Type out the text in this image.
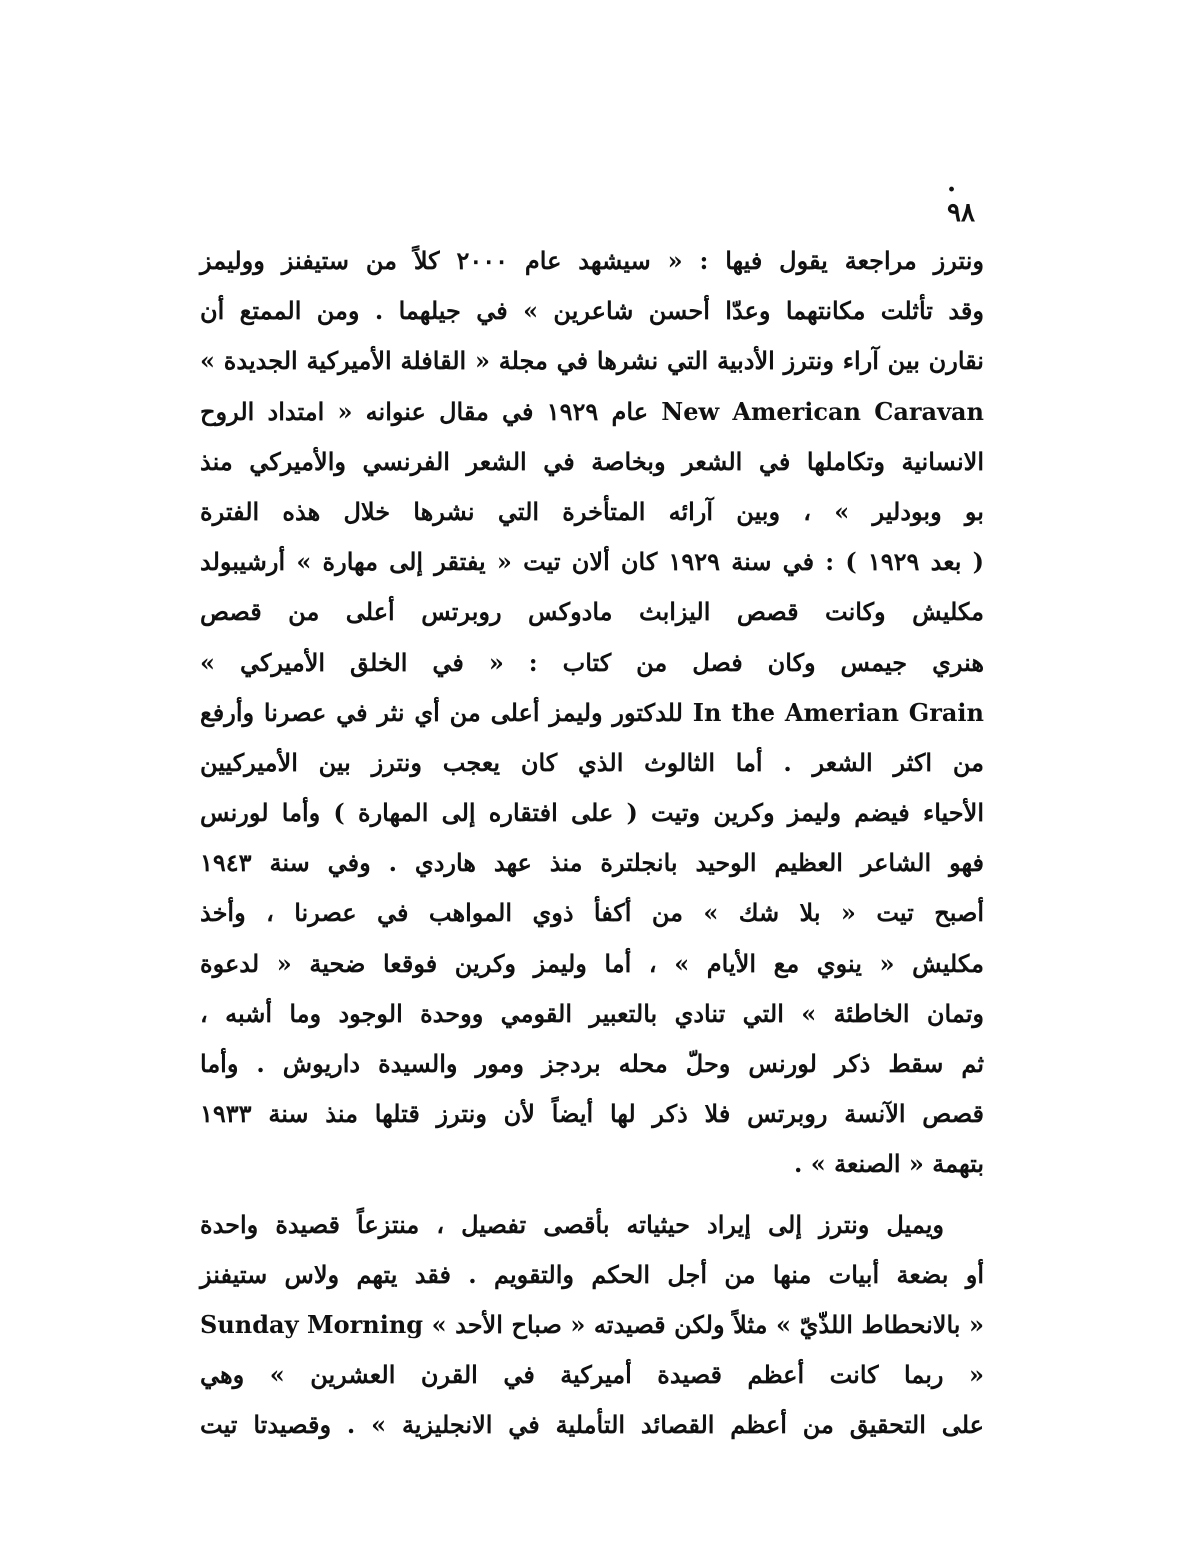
. ٩٨
ونترز مراجعة يقول فيها : « سيشهد عام ٢٠٠٠ كلاً من ستيفنز ووليمز
وقد تأثلت مكانتهما وعدّا أحسن شاعرين » في جيلهما . ومن الممتع أن
نقارن بين آراء ونترز الأدبية التي نشرها في مجلة « القافلة الأميركية الجديدة »
New American Caravan عام ١٩٢٩ في مقال عنوانه « امتداد الروح
الانسانية وتكاملها في الشعر وبخاصة في الشعر الفرنسي والأميركي منذ
بو وبودلير » ، وبين آرائه المتأخرة التي نشرها خلال هذه الفترة
( بعد ١٩٢٩ ) : في سنة ١٩٢٩ كان ألان تيت « يفتقر إلى مهارة » أرشيبولد
مكليش وكانت قصص اليزابث مادوكس روبرتس أعلى من قصص
هنري جيمس وكان فصل من كتاب : « في الخلق الأميركي »
In the Amerian Grain للدكتور وليمز أعلى من أي نثر في عصرنا وأرفع
من اكثر الشعر . أما الثالوث الذي كان يعجب ونترز بين الأميركيين
الأحياء فيضم وليمز وكرين وتيت ( على افتقاره إلى المهارة ) وأما لورنس
فهو الشاعر العظيم الوحيد بانجلترة منذ عهد هاردي . وفي سنة ١٩٤٣
أصبح تيت « بلا شك » من أكفأ ذوي المواهب في عصرنا ، وأخذ
مكليش « ينوي مع الأيام » ، أما وليمز وكرين فوقعا ضحية « لدعوة
وتمان الخاطئة » التي تنادي بالتعبير القومي ووحدة الوجود وما أشبه ،
ثم سقط ذكر لورنس وحلّ محله بردجز ومور والسيدة داريوش . وأما
قصص الآنسة روبرتس فلا ذكر لها أيضاً لأن ونترز قتلها منذ سنة ١٩٣٣
بتهمة « الصنعة » .
ويميل ونترز إلى إيراد حيثياته بأقصى تفصيل ، منتزعاً قصيدة واحدة
أو بضعة أبيات منها من أجل الحكم والتقويم . فقد يتهم ولاس ستيفنز
« بالانحطاط اللذّيّ » مثلاً ولكن قصيدته « صباح الأحد » Sunday Morning
« ربما كانت أعظم قصيدة أميركية في القرن العشرين » وهي
على التحقيق من أعظم القصائد التأملية في الانجليزية » . وقصيدتا تيت
